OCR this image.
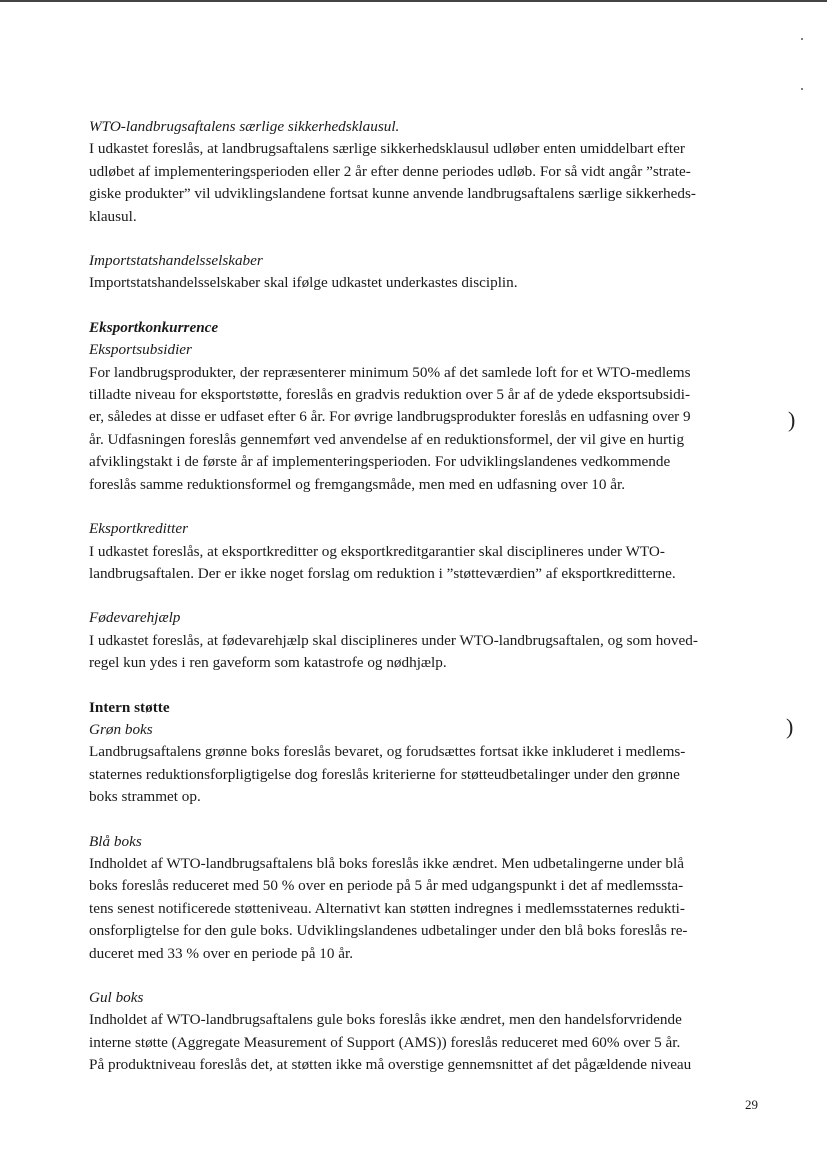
WTO-landbrugsaftalens særlige sikkerhedsklausul.
I udkastet foreslås, at landbrugsaftalens særlige sikkerhedsklausul udløber enten umiddelbart efter
udløbet af implementeringsperioden eller 2 år efter denne periodes udløb. For så vidt angår ”strate-
giske produkter” vil udviklingslandene fortsat kunne anvende landbrugsaftalens særlige sikkerheds-
klausul.
Importstatshandelsselskaber
Importstatshandelsselskaber skal ifølge udkastet underkastes disciplin.
Eksportkonkurrence
Eksportsubsidier
For landbrugsprodukter, der repræsenterer minimum 50% af det samlede loft for et WTO-medlems
tilladte niveau for eksportstøtte, foreslås en gradvis reduktion over 5 år af de ydede eksportsubsidi-
er, således at disse er udfaset efter 6 år. For øvrige landbrugsprodukter foreslås en udfasning over 9
år. Udfasningen foreslås gennemført ved anvendelse af en reduktionsformel, der vil give en hurtig
afviklingstakt i de første år af implementeringsperioden. For udviklingslandenes vedkommende
foreslås samme reduktionsformel og fremgangsmåde, men med en udfasning over 10 år.
Eksportkreditter
I udkastet foreslås, at eksportkreditter og eksportkreditgarantier skal disciplineres under WTO-
landbrugsaftalen. Der er ikke noget forslag om reduktion i ”støtteværdien” af eksportkreditterne.
Fødevarehjælp
I udkastet foreslås, at fødevarehjælp skal disciplineres under WTO-landbrugsaftalen, og som hoved-
regel kun ydes i ren gaveform som katastrofe og nødhjælp.
Intern støtte
Grøn boks
Landbrugsaftalens grønne boks foreslås bevaret, og forudsættes fortsat ikke inkluderet i medlems-
staternes reduktionsforpligtigelse dog foreslås kriterierne for støtteudbetalinger under den grønne
boks strammet op.
Blå boks
Indholdet af WTO-landbrugsaftalens blå boks foreslås ikke ændret. Men udbetalingerne under blå
boks foreslås reduceret med 50 % over en periode på 5 år med udgangspunkt i det af medlemssta-
tens senest notificerede støtteniveau. Alternativt kan støtten indregnes i medlemsstaternes redukti-
onsforpligtelse for den gule boks. Udviklingslandenes udbetalinger under den blå boks foreslås re-
duceret med 33 % over en periode på 10 år.
Gul boks
Indholdet af WTO-landbrugsaftalens gule boks foreslås ikke ændret, men den handelsforvridende
interne støtte (Aggregate Measurement of Support (AMS)) foreslås reduceret med 60% over 5 år.
På produktniveau foreslås det, at støtten ikke må overstige gennemsnittet af det pågældende niveau
)
)
29
